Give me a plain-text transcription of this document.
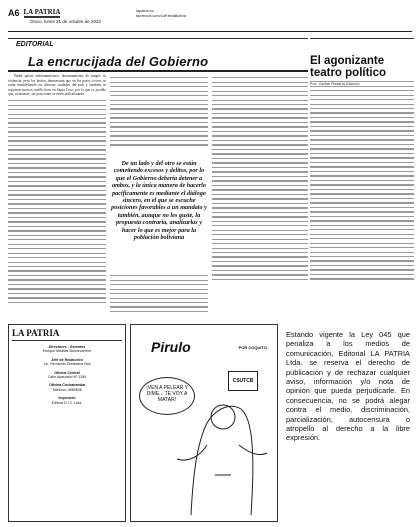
A6 LA PATRIA
Oruro, lunes 31 de octubre de 2022
lapatria.bo
facebook.com/LaPatriaBolivia
EDITORIAL
La encrucijada del Gobierno

Nadie quiere enfrentamientos, derramamiento de sangre, ni violencia, pero los hechos demuestran que en los paros cívicos se están manifestando en diversas ciudades del país y también se registran sucesos conflictivos en Santa Cruz, por lo que es posible que, al instante, las posiciones se estén radicalizando.

De un lado y del otro se están cometiendo excesos y delitos, por lo que el Gobierno debería detener a ambos, y la única manera de hacerlo pacíficamente es mediante el diálogo sincero, en el que se escuche posiciones favorables a un mandato y también, aunque no les guste, la propuesta contraria, analizarlas y hacer lo que es mejor para la población boliviana
El agonizante
teatro político
Por: Carlos Rosario Alarcón
LA PATRIA
Directores - Gerentes
Enrique Miralles Bonnecarrère
Jefe de Redacción
Lic. Fernando Zambrana Sea
Oficina Central
Calle Ayacucho Nº 1150
Oficina Cochabamba
Teléfono: 4580606
Impresión
Editora D.I.C. Ltda.
Pirulo	POR COQUITO
¡VEN A PELEAR Y DIME... TE VOY A MATAR!
CSUTCB
Estando vigente la Ley 045 que penaliza a los medios de comunicación, Editorial LA PATRIA Ltda. se reserva el derecho de publicación y de rechazar cualquier aviso, información y/o nota de opinión que pueda perjudicarle. En consecuencia, no se podrá alegar contra el medio, discriminación, parcialización, autocensura o atropello al derecho a la libre expresión.
